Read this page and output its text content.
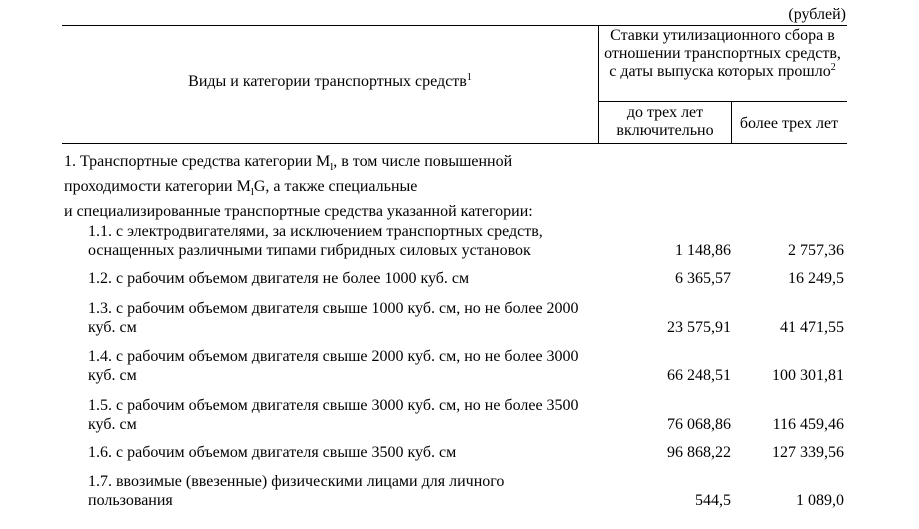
(рублей)
Виды и категории транспортных средств$^1$
Ставки утилизационного сбора в отношении транспортных средств, с даты выпуска которых прошло$^2$
до трех лет включительно	более трех лет
1. Транспортные средства категории $M_l$, в том числе повышенной
проходимости категории $M_lG$, а также специальные
и специализированные транспортные средства указанной категории:
1.1. с электродвигателями, за исключением транспортных средств, оснащенных различными типами гибридных силовых установок	1 148,86	2 757,36
1.2. с рабочим объемом двигателя не более 1000 куб. см	6 365,57	16 249,5
1.3. с рабочим объемом двигателя свыше 1000 куб. см, но не более 2000 куб. см	23 575,91	41 471,55
1.4. с рабочим объемом двигателя свыше 2000 куб. см, но не более 3000 куб. см	66 248,51	100 301,81
1.5. с рабочим объемом двигателя свыше 3000 куб. см, но не более 3500 куб. см	76 068,86	116 459,46
1.6. с рабочим объемом двигателя свыше 3500 куб. см	96 868,22	127 339,56
1.7. ввозимые (ввезенные) физическими лицами для личного пользования	544,5	1 089,0
